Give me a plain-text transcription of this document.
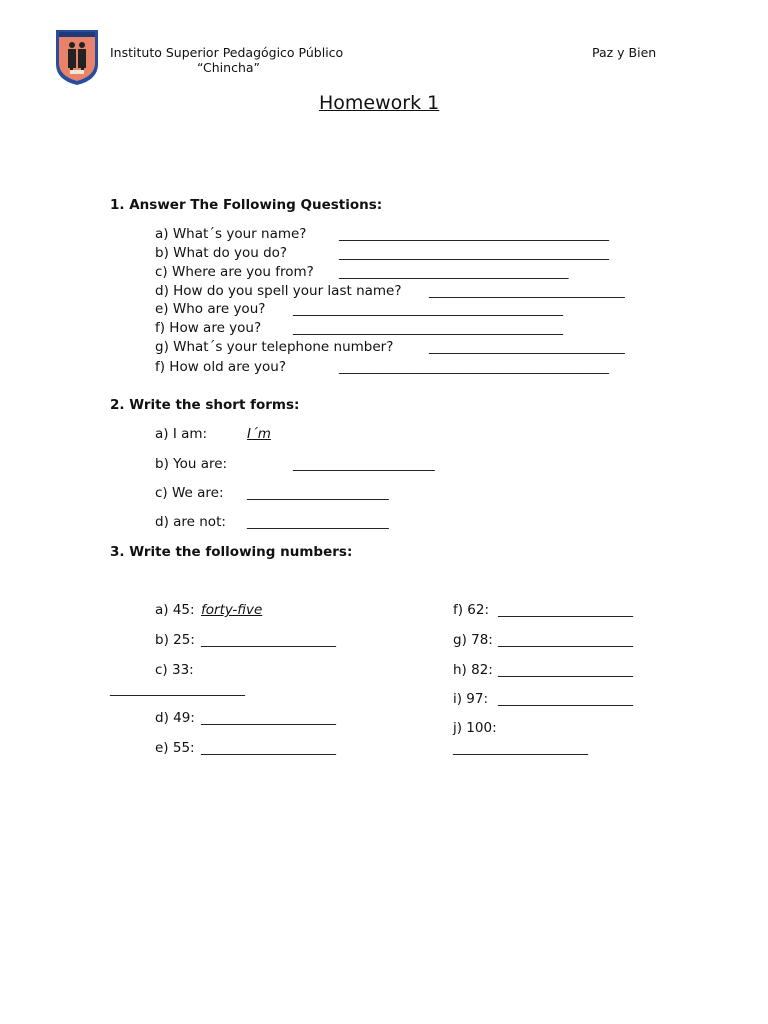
Instituto Superior Pedagógico Público
“Chincha”
Paz y Bien
Homework 1
1. Answer The Following Questions:
a) What´s your name? ________________________________________
b) What do you do?	________________________________________
c) Where are you from? __________________________________
d) How do you spell your last name? _____________________________
e) Who are you? ________________________________________
f) How are you? ________________________________________
g) What´s your telephone number?	_____________________________
f) How old are you?	________________________________________
2. Write the short forms:
a) I am:	I´m
b) You are:	_____________________
c) We are: _____________________
d) are not: _____________________
3. Write the following numbers:
a) 45: forty-five
b) 25: ____________________
c) 33:
____________________
d) 49: ____________________
e) 55: ____________________
f) 62: ____________________
g) 78: ____________________
h) 82: ____________________
i) 97: ____________________
j) 100:
____________________
